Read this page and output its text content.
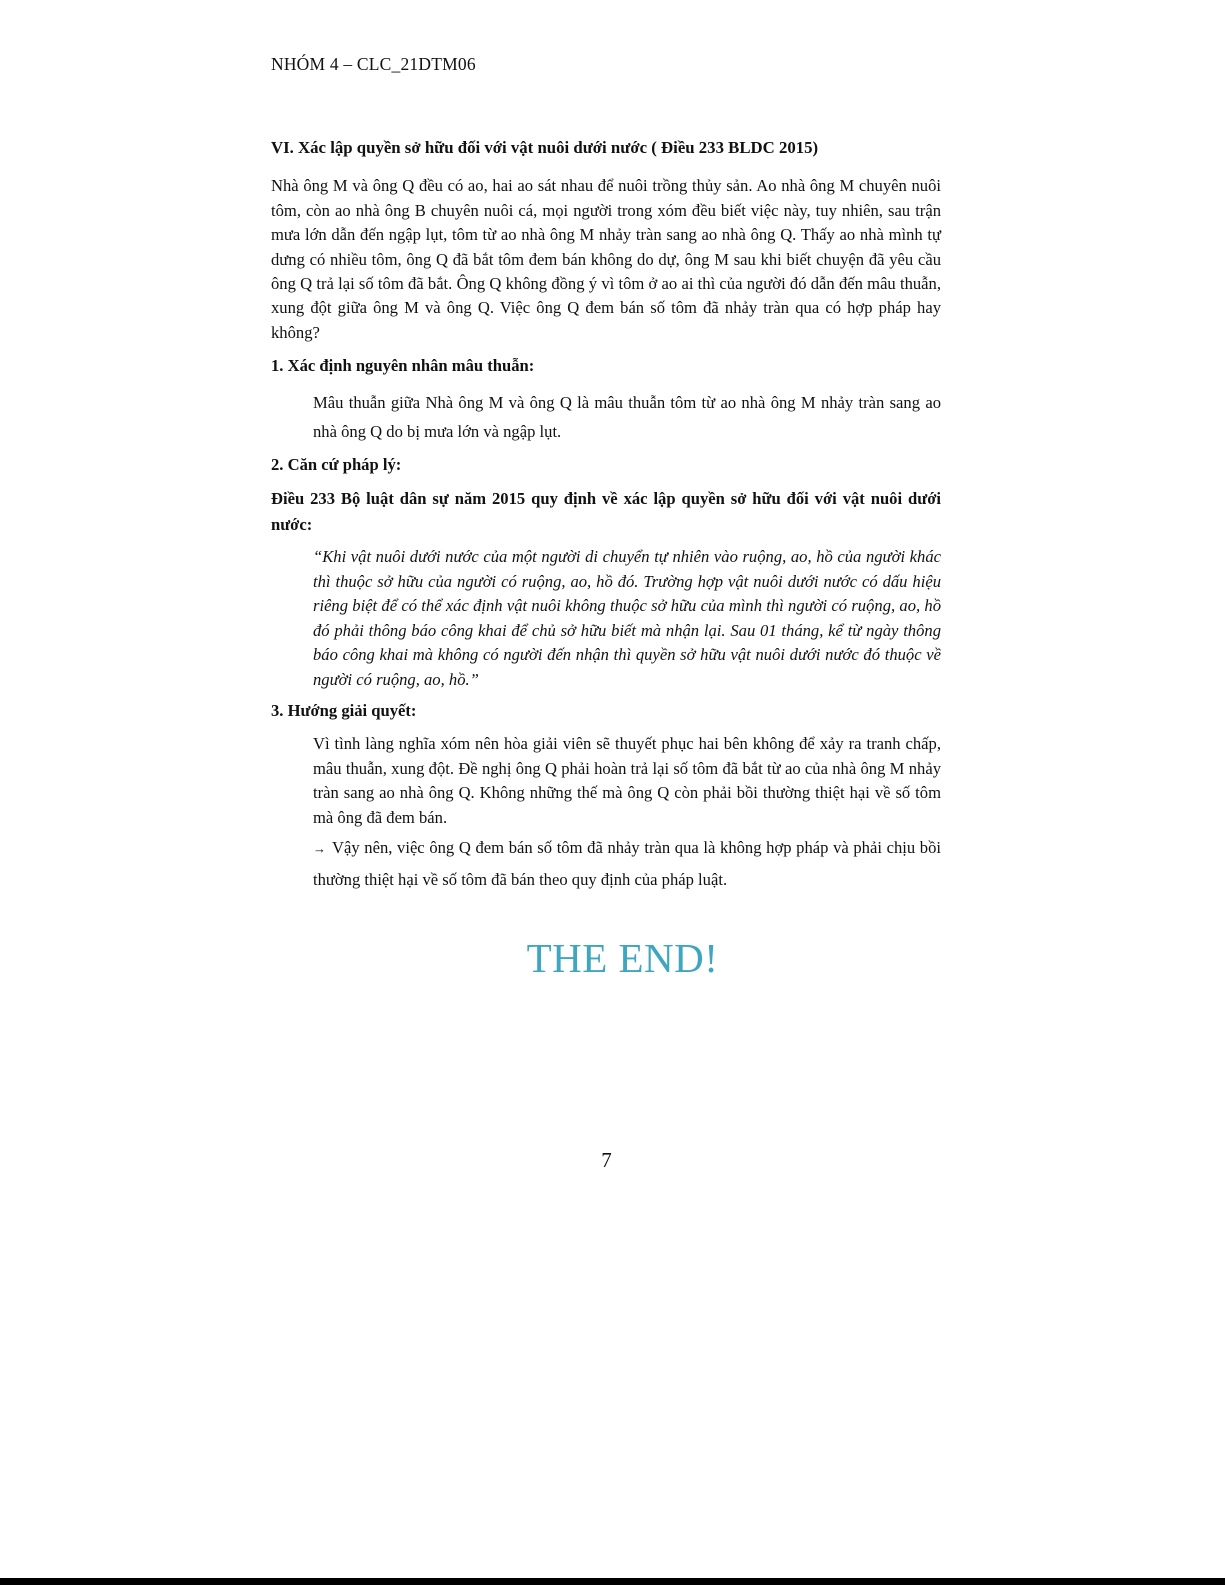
NHÓM 4 – CLC_21DTM06
VI. Xác lập quyền sở hữu đối với vật nuôi dưới nước ( Điều 233 BLDC 2015)
Nhà ông M và ông Q đều có ao, hai ao sát nhau để nuôi trồng thủy sản. Ao nhà ông M chuyên nuôi tôm, còn ao nhà ông B chuyên nuôi cá, mọi người trong xóm đều biết việc này, tuy nhiên, sau trận mưa lớn dẫn đến ngập lụt, tôm từ ao nhà ông M nhảy tràn sang ao nhà ông Q. Thấy ao nhà mình tự dưng có nhiều tôm, ông Q đã bắt tôm đem bán không do dự, ông M sau khi biết chuyện đã yêu cầu ông Q trả lại số tôm đã bắt. Ông Q không đồng ý vì tôm ở ao ai thì của người đó dẫn đến mâu thuẫn, xung đột giữa ông M và ông Q. Việc ông Q đem bán số tôm đã nhảy tràn qua có hợp pháp hay không?
1. Xác định nguyên nhân mâu thuẫn:
Mâu thuẫn giữa Nhà ông M và ông Q là mâu thuẫn tôm từ ao nhà ông M nhảy tràn sang ao nhà ông Q do bị mưa lớn và ngập lụt.
2. Căn cứ pháp lý:
Điều 233 Bộ luật dân sự năm 2015 quy định về xác lập quyền sở hữu đối với vật nuôi dưới nước:
“Khi vật nuôi dưới nước của một người di chuyển tự nhiên vào ruộng, ao, hồ của người khác thì thuộc sở hữu của người có ruộng, ao, hồ đó. Trường hợp vật nuôi dưới nước có dấu hiệu riêng biệt để có thể xác định vật nuôi không thuộc sở hữu của mình thì người có ruộng, ao, hồ đó phải thông báo công khai để chủ sở hữu biết mà nhận lại. Sau 01 tháng, kể từ ngày thông báo công khai mà không có người đến nhận thì quyền sở hữu vật nuôi dưới nước đó thuộc về người có ruộng, ao, hồ.”
3. Hướng giải quyết:
Vì tình làng nghĩa xóm nên hòa giải viên sẽ thuyết phục hai bên không để xảy ra tranh chấp, mâu thuẫn, xung đột. Đề nghị ông Q phải hoàn trả lại số tôm đã bắt từ ao của nhà ông M nhảy tràn sang ao nhà ông Q. Không những thế mà ông Q còn phải bồi thường thiệt hại về số tôm mà ông đã đem bán.
→ Vậy nên, việc ông Q đem bán số tôm đã nhảy tràn qua là không hợp pháp và phải chịu bồi thường thiệt hại về số tôm đã bán theo quy định của pháp luật.
THE END!
7
